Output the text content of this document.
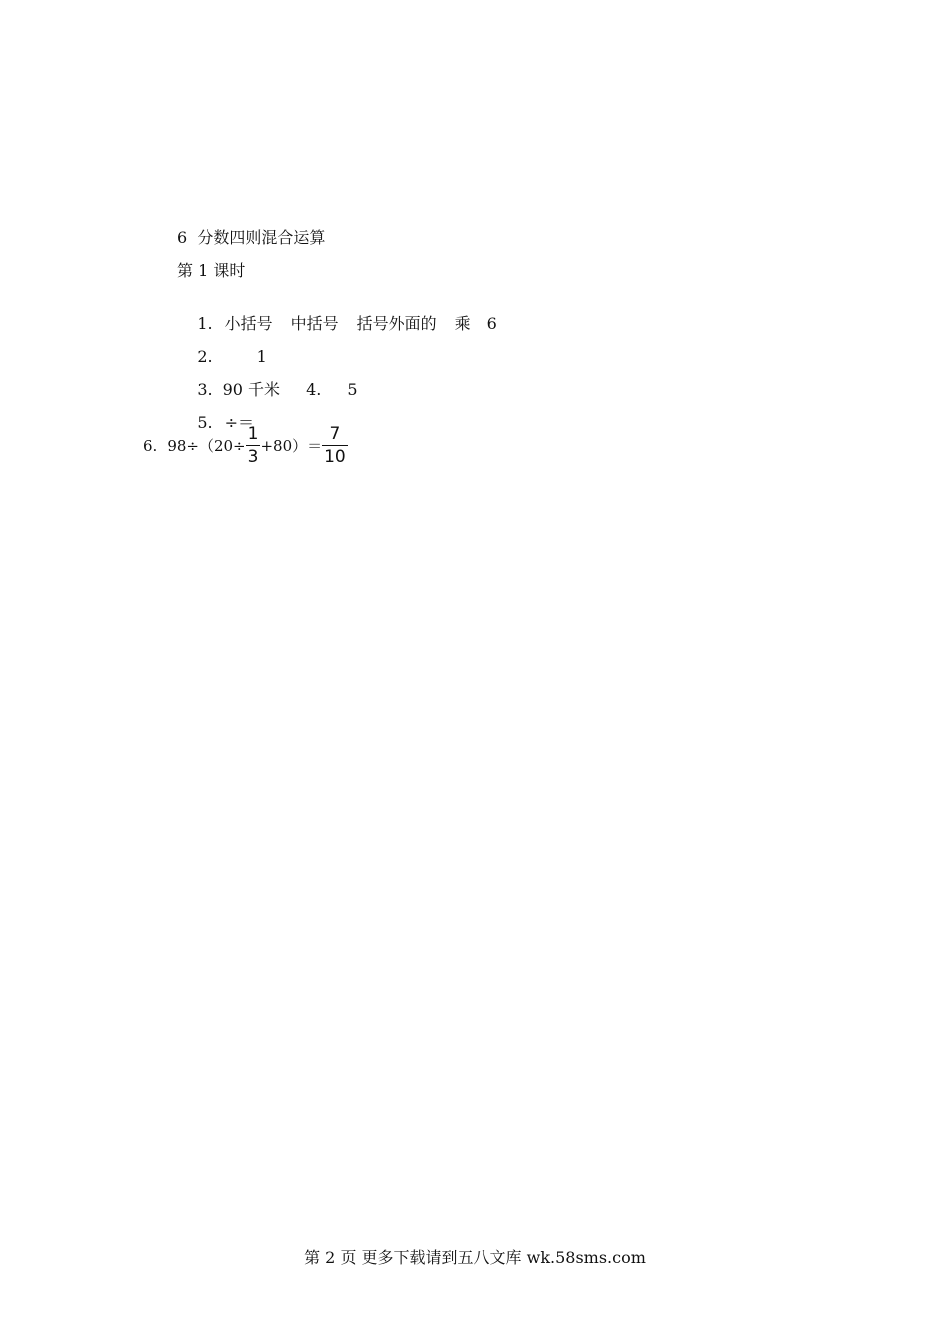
6  分数四则混合运算
第 1 课时

1. 小括号 中括号 括号外面的 乘 6

2.	1

3. 90 千米 4. 5

5. ÷＝

6. $98\div(20\div \frac{1}{3} +80)= \frac{7}{10}$
第 2 页 更多下载请到五八文库 wk.58sms.com
